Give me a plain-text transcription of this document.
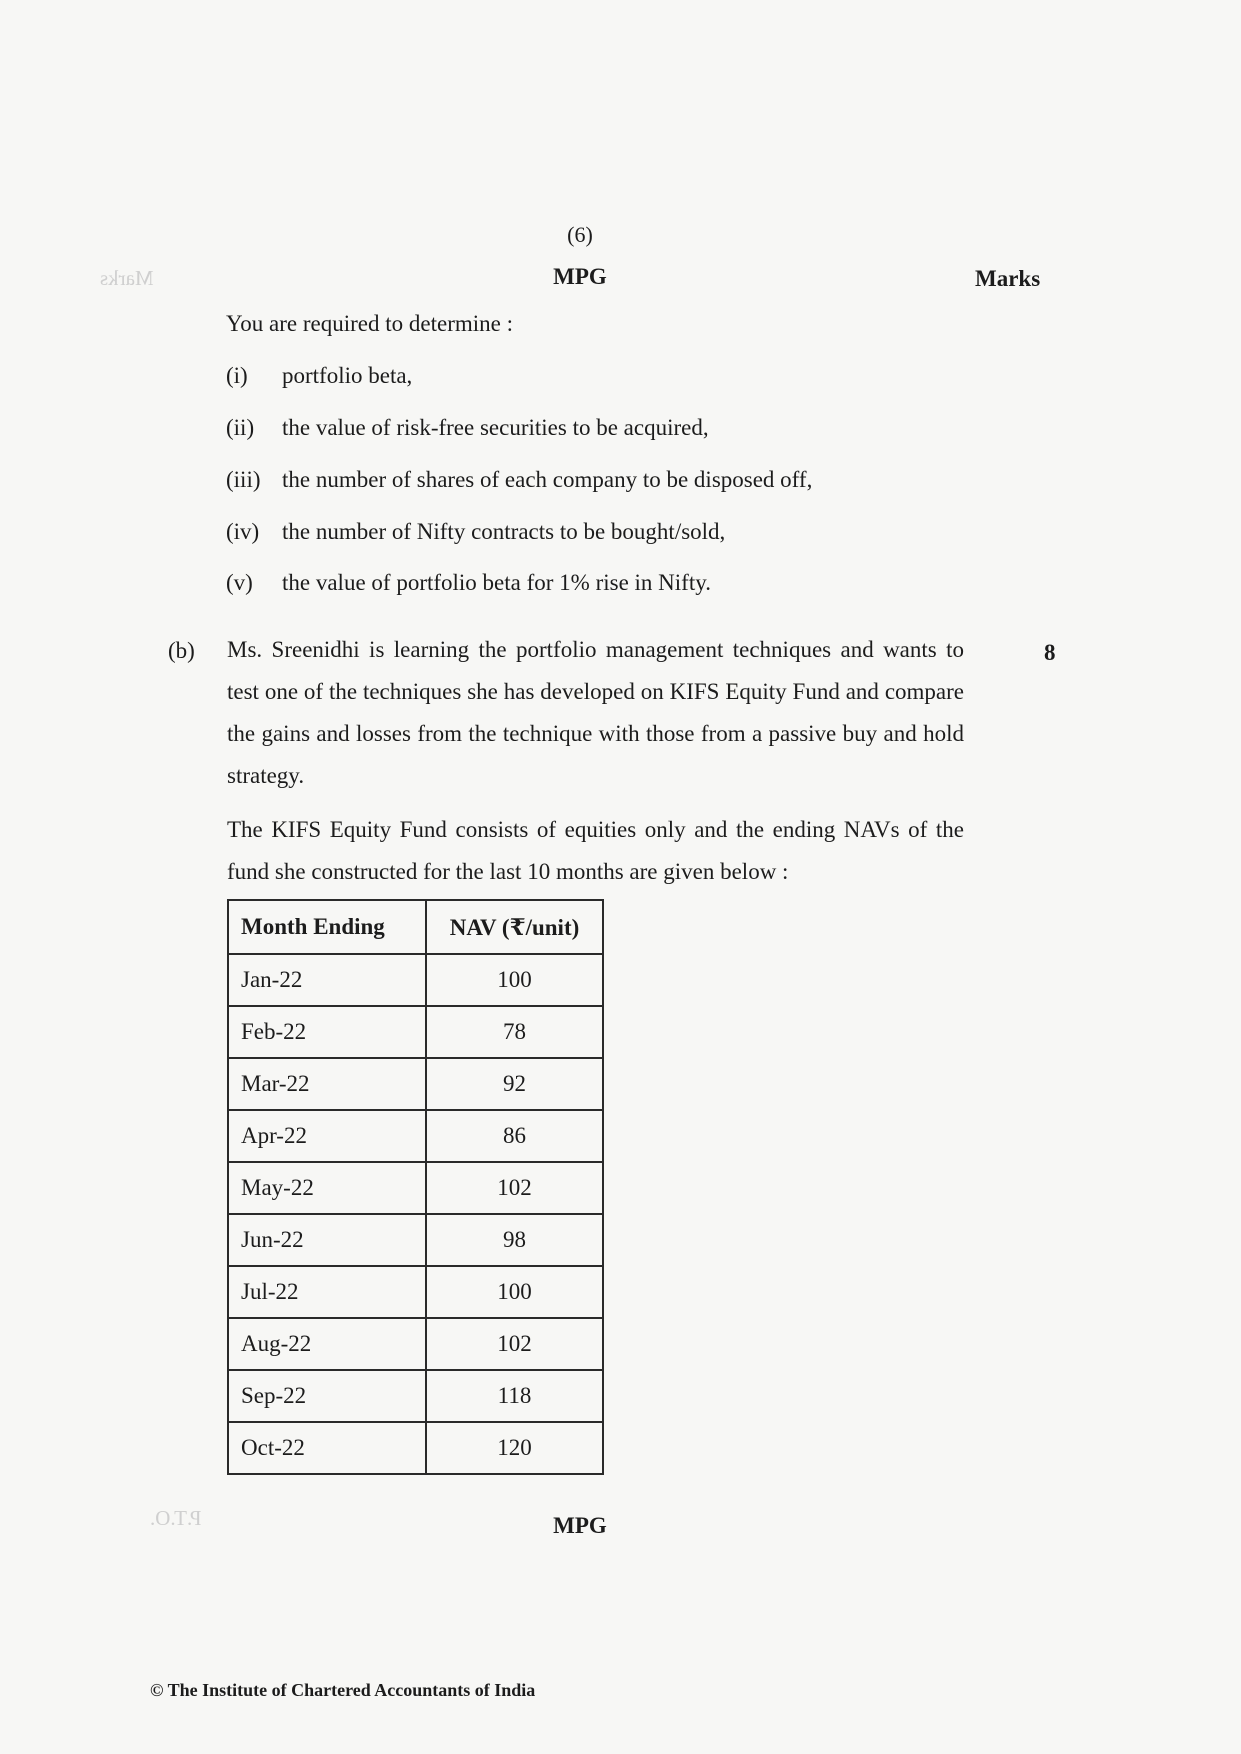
Marks
P.T.O.
(6)
MPG	Marks
You are required to determine :
(i) portfolio beta,
(ii) the value of risk-free securities to be acquired,
(iii) the number of shares of each company to be disposed off,
(iv) the number of Nifty contracts to be bought/sold,
(v) the value of portfolio beta for 1% rise in Nifty.
(b)	8

Ms. Sreenidhi is learning the portfolio management techniques and wants to test one of the techniques she has developed on KIFS Equity Fund and compare the gains and losses from the technique with those from a passive buy and hold strategy.

The KIFS Equity Fund consists of equities only and the ending NAVs of the fund she constructed for the last 10 months are given below :

Month Ending	NAV (₹/unit)
Jan-22	100
Feb-22	78
Mar-22	92
Apr-22	86
May-22	102
Jun-22	98
Jul-22	100
Aug-22	102
Sep-22	118
Oct-22	120
MPG
© The Institute of Chartered Accountants of India
